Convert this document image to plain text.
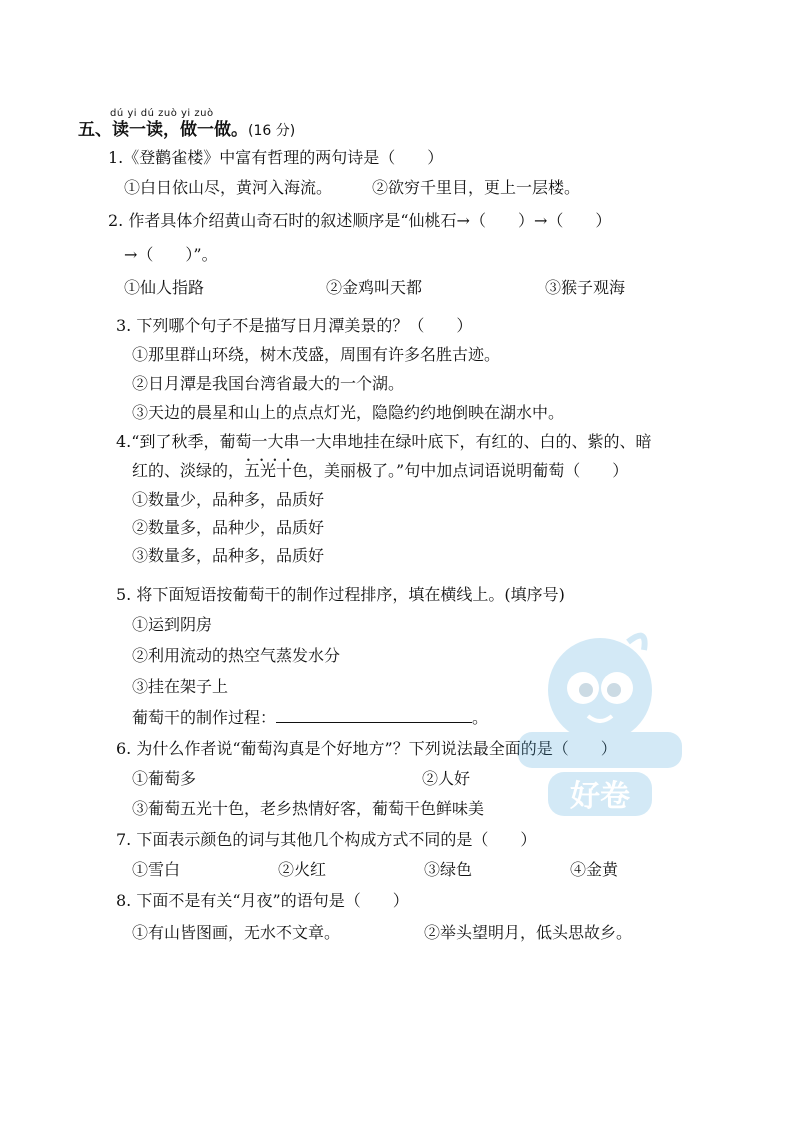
dú yi dú zuò yi zuò
五、读一读，做一做。(16 分)
1.《登鹳雀楼》中富有哲理的两句诗是（　　）
①白日依山尽，黄河入海流。　　　②欲穷千里目，更上一层楼。
2. 作者具体介绍黄山奇石时的叙述顺序是“仙桃石→（　　）→（　　）
→（　　）”。
①仙人指路	②金鸡叫天都	③猴子观海
3. 下列哪个句子不是描写日月潭美景的？（　　）
①那里群山环绕，树木茂盛，周围有许多名胜古迹。
②日月潭是我国台湾省最大的一个湖。
③天边的晨星和山上的点点灯光，隐隐约约地倒映在湖水中。
4.“到了秋季，葡萄一大串一大串地挂在绿叶底下，有红的、白的、紫的、暗
红的、淡绿的，五光十色 • • • •，美丽极了。”句中加点词语说明葡萄（　　）
①数量少，品种多，品质好
②数量多，品种少，品质好
③数量多，品种多，品质好
5. 将下面短语按葡萄干的制作过程排序，填在横线上。(填序号)
①运到阴房
②利用流动的热空气蒸发水分
③挂在架子上
葡萄干的制作过程：	。
6. 为什么作者说“葡萄沟真是个好地方”？下列说法最全面的是（　　）
①葡萄多	②人好
③葡萄五光十色，老乡热情好客，葡萄干色鲜味美
7. 下面表示颜色的词与其他几个构成方式不同的是（　　）
①雪白	②火红	③绿色	④金黄
8. 下面不是有关“月夜”的语句是（　　）
①有山皆图画，无水不文章。	②举头望明月，低头思故乡。
好卷
